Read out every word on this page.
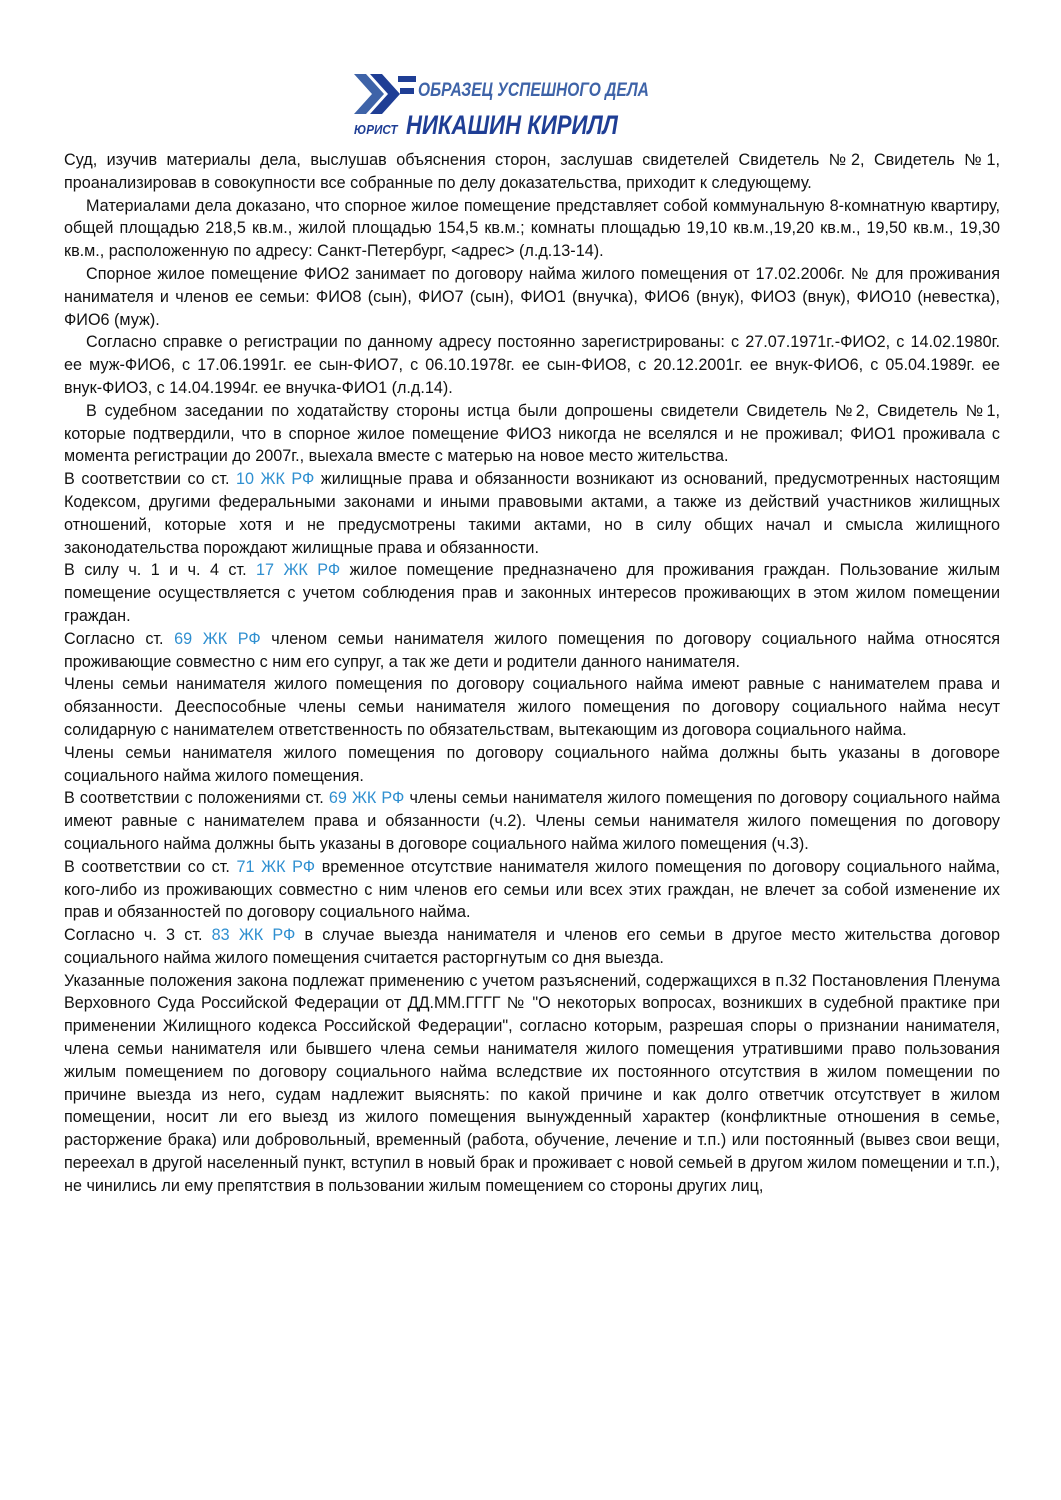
ОБРАЗЕЦ УСПЕШНОГО ДЕЛА
ЮРИСТ НИКАШИН КИРИЛЛ

Суд, изучив материалы дела, выслушав объяснения сторон, заслушав свидетелей Свидетель №2, Свидетель №1, проанализировав в совокупности все собранные по делу доказательства, приходит к следующему.

Материалами дела доказано, что спорное жилое помещение представляет собой коммунальную 8-комнатную квартиру, общей площадью 218,5 кв.м., жилой площадью 154,5 кв.м.; комнаты площадью 19,10 кв.м.,19,20 кв.м., 19,50 кв.м., 19,30 кв.м., расположенную по адресу: Санкт-Петербург, <адрес> (л.д.13-14).

Спорное жилое помещение ФИО2 занимает по договору найма жилого помещения от 17.02.2006г. № для проживания нанимателя и членов ее семьи: ФИО8 (сын), ФИО7 (сын), ФИО1 (внучка), ФИО6 (внук), ФИО3 (внук), ФИО10 (невестка), ФИО6 (муж).

Согласно справке о регистрации по данному адресу постоянно зарегистрированы: с 27.07.1971г.-ФИО2, с 14.02.1980г. ее муж-ФИО6, с 17.06.1991г. ее сын-ФИО7, с 06.10.1978г. ее сын-ФИО8, с 20.12.2001г. ее внук-ФИО6, с 05.04.1989г. ее внук-ФИО3, с 14.04.1994г. ее внучка-ФИО1 (л.д.14).

В судебном заседании по ходатайству стороны истца были допрошены свидетели Свидетель №2, Свидетель №1, которые подтвердили, что в спорное жилое помещение ФИО3 никогда не вселялся и не проживал; ФИО1 проживала с момента регистрации до 2007г., выехала вместе с матерью на новое место жительства.

В соответствии со ст. 10 ЖК РФ жилищные права и обязанности возникают из оснований, предусмотренных настоящим Кодексом, другими федеральными законами и иными правовыми актами, а также из действий участников жилищных отношений, которые хотя и не предусмотрены такими актами, но в силу общих начал и смысла жилищного законодательства порождают жилищные права и обязанности.

В силу ч. 1 и ч. 4 ст. 17 ЖК РФ жилое помещение предназначено для проживания граждан. Пользование жилым помещение осуществляется с учетом соблюдения прав и законных интересов проживающих в этом жилом помещении граждан.

Согласно ст. 69 ЖК РФ членом семьи нанимателя жилого помещения по договору социального найма относятся проживающие совместно с ним его супруг, а так же дети и родители данного нанимателя.

Члены семьи нанимателя жилого помещения по договору социального найма имеют равные с нанимателем права и обязанности. Дееспособные члены семьи нанимателя жилого помещения по договору социального найма несут солидарную с нанимателем ответственность по обязательствам, вытекающим из договора социального найма.

Члены семьи нанимателя жилого помещения по договору социального найма должны быть указаны в договоре социального найма жилого помещения.

В соответствии с положениями ст. 69 ЖК РФ члены семьи нанимателя жилого помещения по договору социального найма имеют равные с нанимателем права и обязанности (ч.2). Члены семьи нанимателя жилого помещения по договору социального найма должны быть указаны в договоре социального найма жилого помещения (ч.3).

В соответствии со ст. 71 ЖК РФ временное отсутствие нанимателя жилого помещения по договору социального найма, кого-либо из проживающих совместно с ним членов его семьи или всех этих граждан, не влечет за собой изменение их прав и обязанностей по договору социального найма.

Согласно ч. 3 ст. 83 ЖК РФ в случае выезда нанимателя и членов его семьи в другое место жительства договор социального найма жилого помещения считается расторгнутым со дня выезда.

Указанные положения закона подлежат применению с учетом разъяснений, содержащихся в п.32 Постановления Пленума Верховного Суда Российской Федерации от ДД.ММ.ГГГГ № "О некоторых вопросах, возникших в судебной практике при применении Жилищного кодекса Российской Федерации", согласно которым, разрешая споры о признании нанимателя, члена семьи нанимателя или бывшего члена семьи нанимателя жилого помещения утратившими право пользования жилым помещением по договору социального найма вследствие их постоянного отсутствия в жилом помещении по причине выезда из него, судам надлежит выяснять: по какой причине и как долго ответчик отсутствует в жилом помещении, носит ли его выезд из жилого помещения вынужденный характер (конфликтные отношения в семье, расторжение брака) или добровольный, временный (работа, обучение, лечение и т.п.) или постоянный (вывез свои вещи, переехал в другой населенный пункт, вступил в новый брак и проживает с новой семьей в другом жилом помещении и т.п.), не чинились ли ему препятствия в пользовании жилым помещением со стороны других лиц,
